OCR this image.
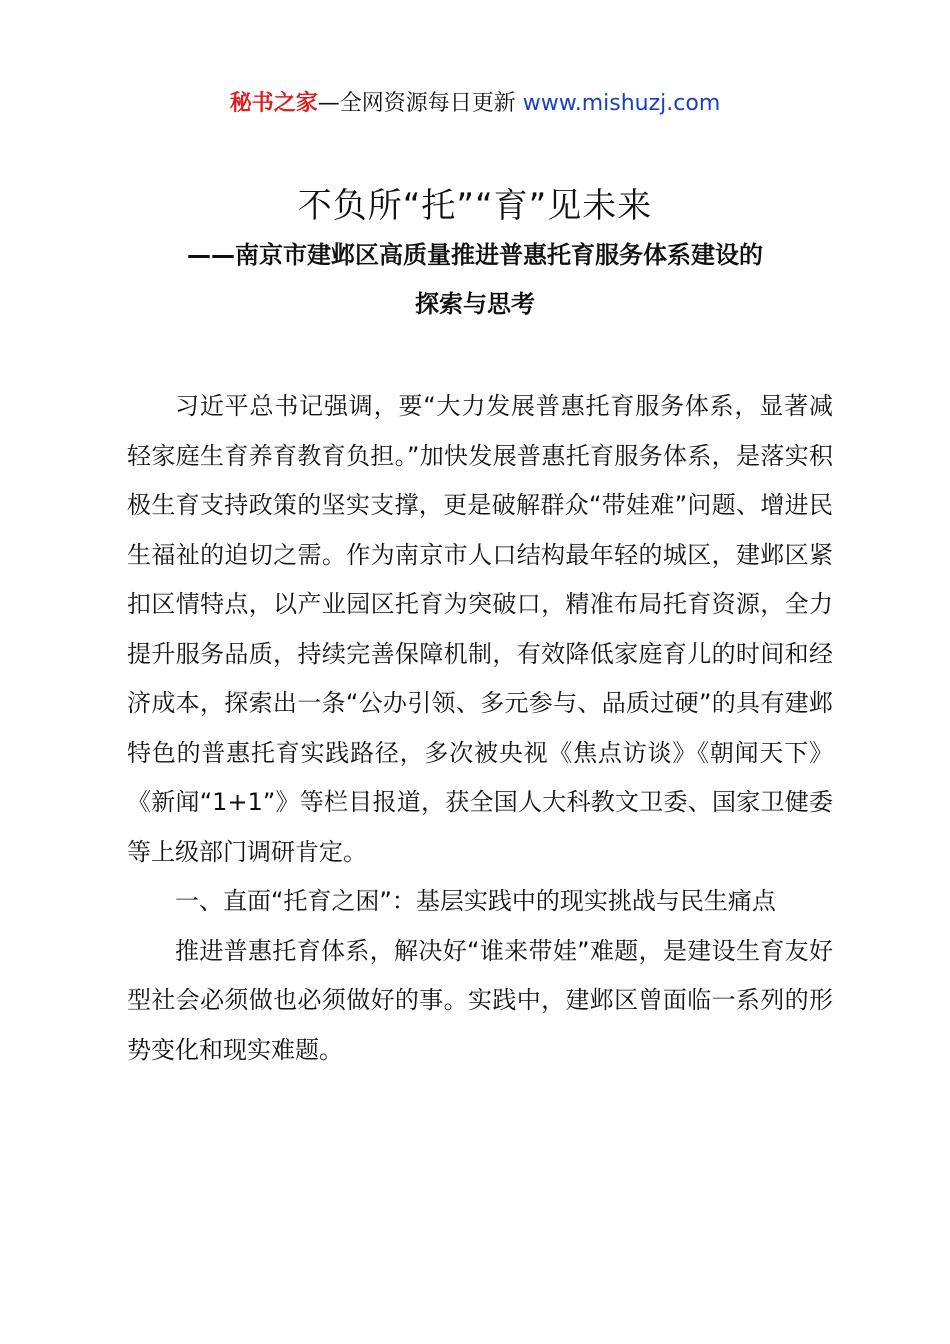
秘书之家—全网资源每日更新 www.mishuzj.com
不负所“托”“育”见未来
——南京市建邺区高质量推进普惠托育服务体系建设的
探索与思考

习近平总书记强调，要“大力发展普惠托育服务体系，显著减轻家庭生育养育教育负担。”加快发展普惠托育服务体系，是落实积极生育支持政策的坚实支撑，更是破解群众“带娃难”问题、增进民生福祉的迫切之需。作为南京市人口结构最年轻的城区，建邺区紧扣区情特点，以产业园区托育为突破口，精准布局托育资源，全力提升服务品质，持续完善保障机制，有效降低家庭育儿的时间和经济成本，探索出一条“公办引领、多元参与、品质过硬”的具有建邺特色的普惠托育实践路径，多次被央视《焦点访谈》《朝闻天下》《新闻“1+1”》等栏目报道，获全国人大科教文卫委、国家卫健委等上级部门调研肯定。

一、直面“托育之困”：基层实践中的现实挑战与民生痛点

推进普惠托育体系，解决好“谁来带娃”难题，是建设生育友好型社会必须做也必须做好的事。实践中，建邺区曾面临一系列的形势变化和现实难题。
